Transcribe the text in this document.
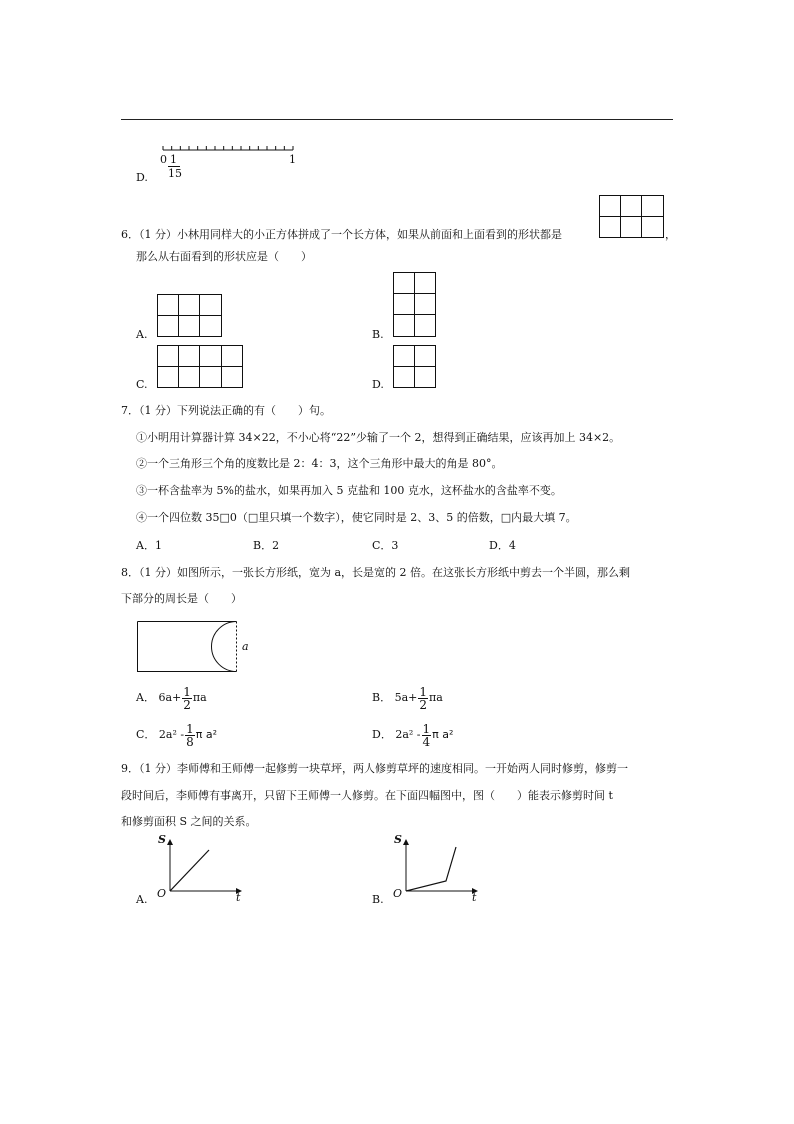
0 1
15
1
D.
6．（1 分）小林用同样大的小正方体拼成了一个长方体，如果从前面和上面看到的形状都是	，
那么从右面看到的形状应是（　　）
A.	B.
C.	D.
7．（1 分）下列说法正确的有（　　）句。
①小明用计算器计算 34×22，不小心将“22”少输了一个 2，想得到正确结果，应该再加上 34×2。
②一个三角形三个角的度数比是 2：4：3，这个三角形中最大的角是 80°。
③一杯含盐率为 5%的盐水，如果再加入 5 克盐和 100 克水，这杯盐水的含盐率不变。
④一个四位数 35□0（□里只填一个数字），使它同时是 2、3、5 的倍数，□内最大填 7。
A．1	B．2	C．3	D．4
8．（1 分）如图所示，一张长方形纸，宽为 a，长是宽的 2 倍。在这张长方形纸中剪去一个半圆，那么剩
下部分的周长是（　　）
a
A． $6a+ \frac{1}{2}$ πa	B． $5a+ \frac{1}{2}$ πa
C． $2a^2 - \frac{1}{8}$ π a²	D． $2a^2 - \frac{1}{4}$ π a²
9．（1 分）李师傅和王师傅一起修剪一块草坪，两人修剪草坪的速度相同。一开始两人同时修剪，修剪一
段时间后，李师傅有事离开，只留下王师傅一人修剪。在下面四幅图中，图（　　）能表示修剪时间 t
和修剪面积 S 之间的关系。
S
t
O
A.
S
t
O
B.
